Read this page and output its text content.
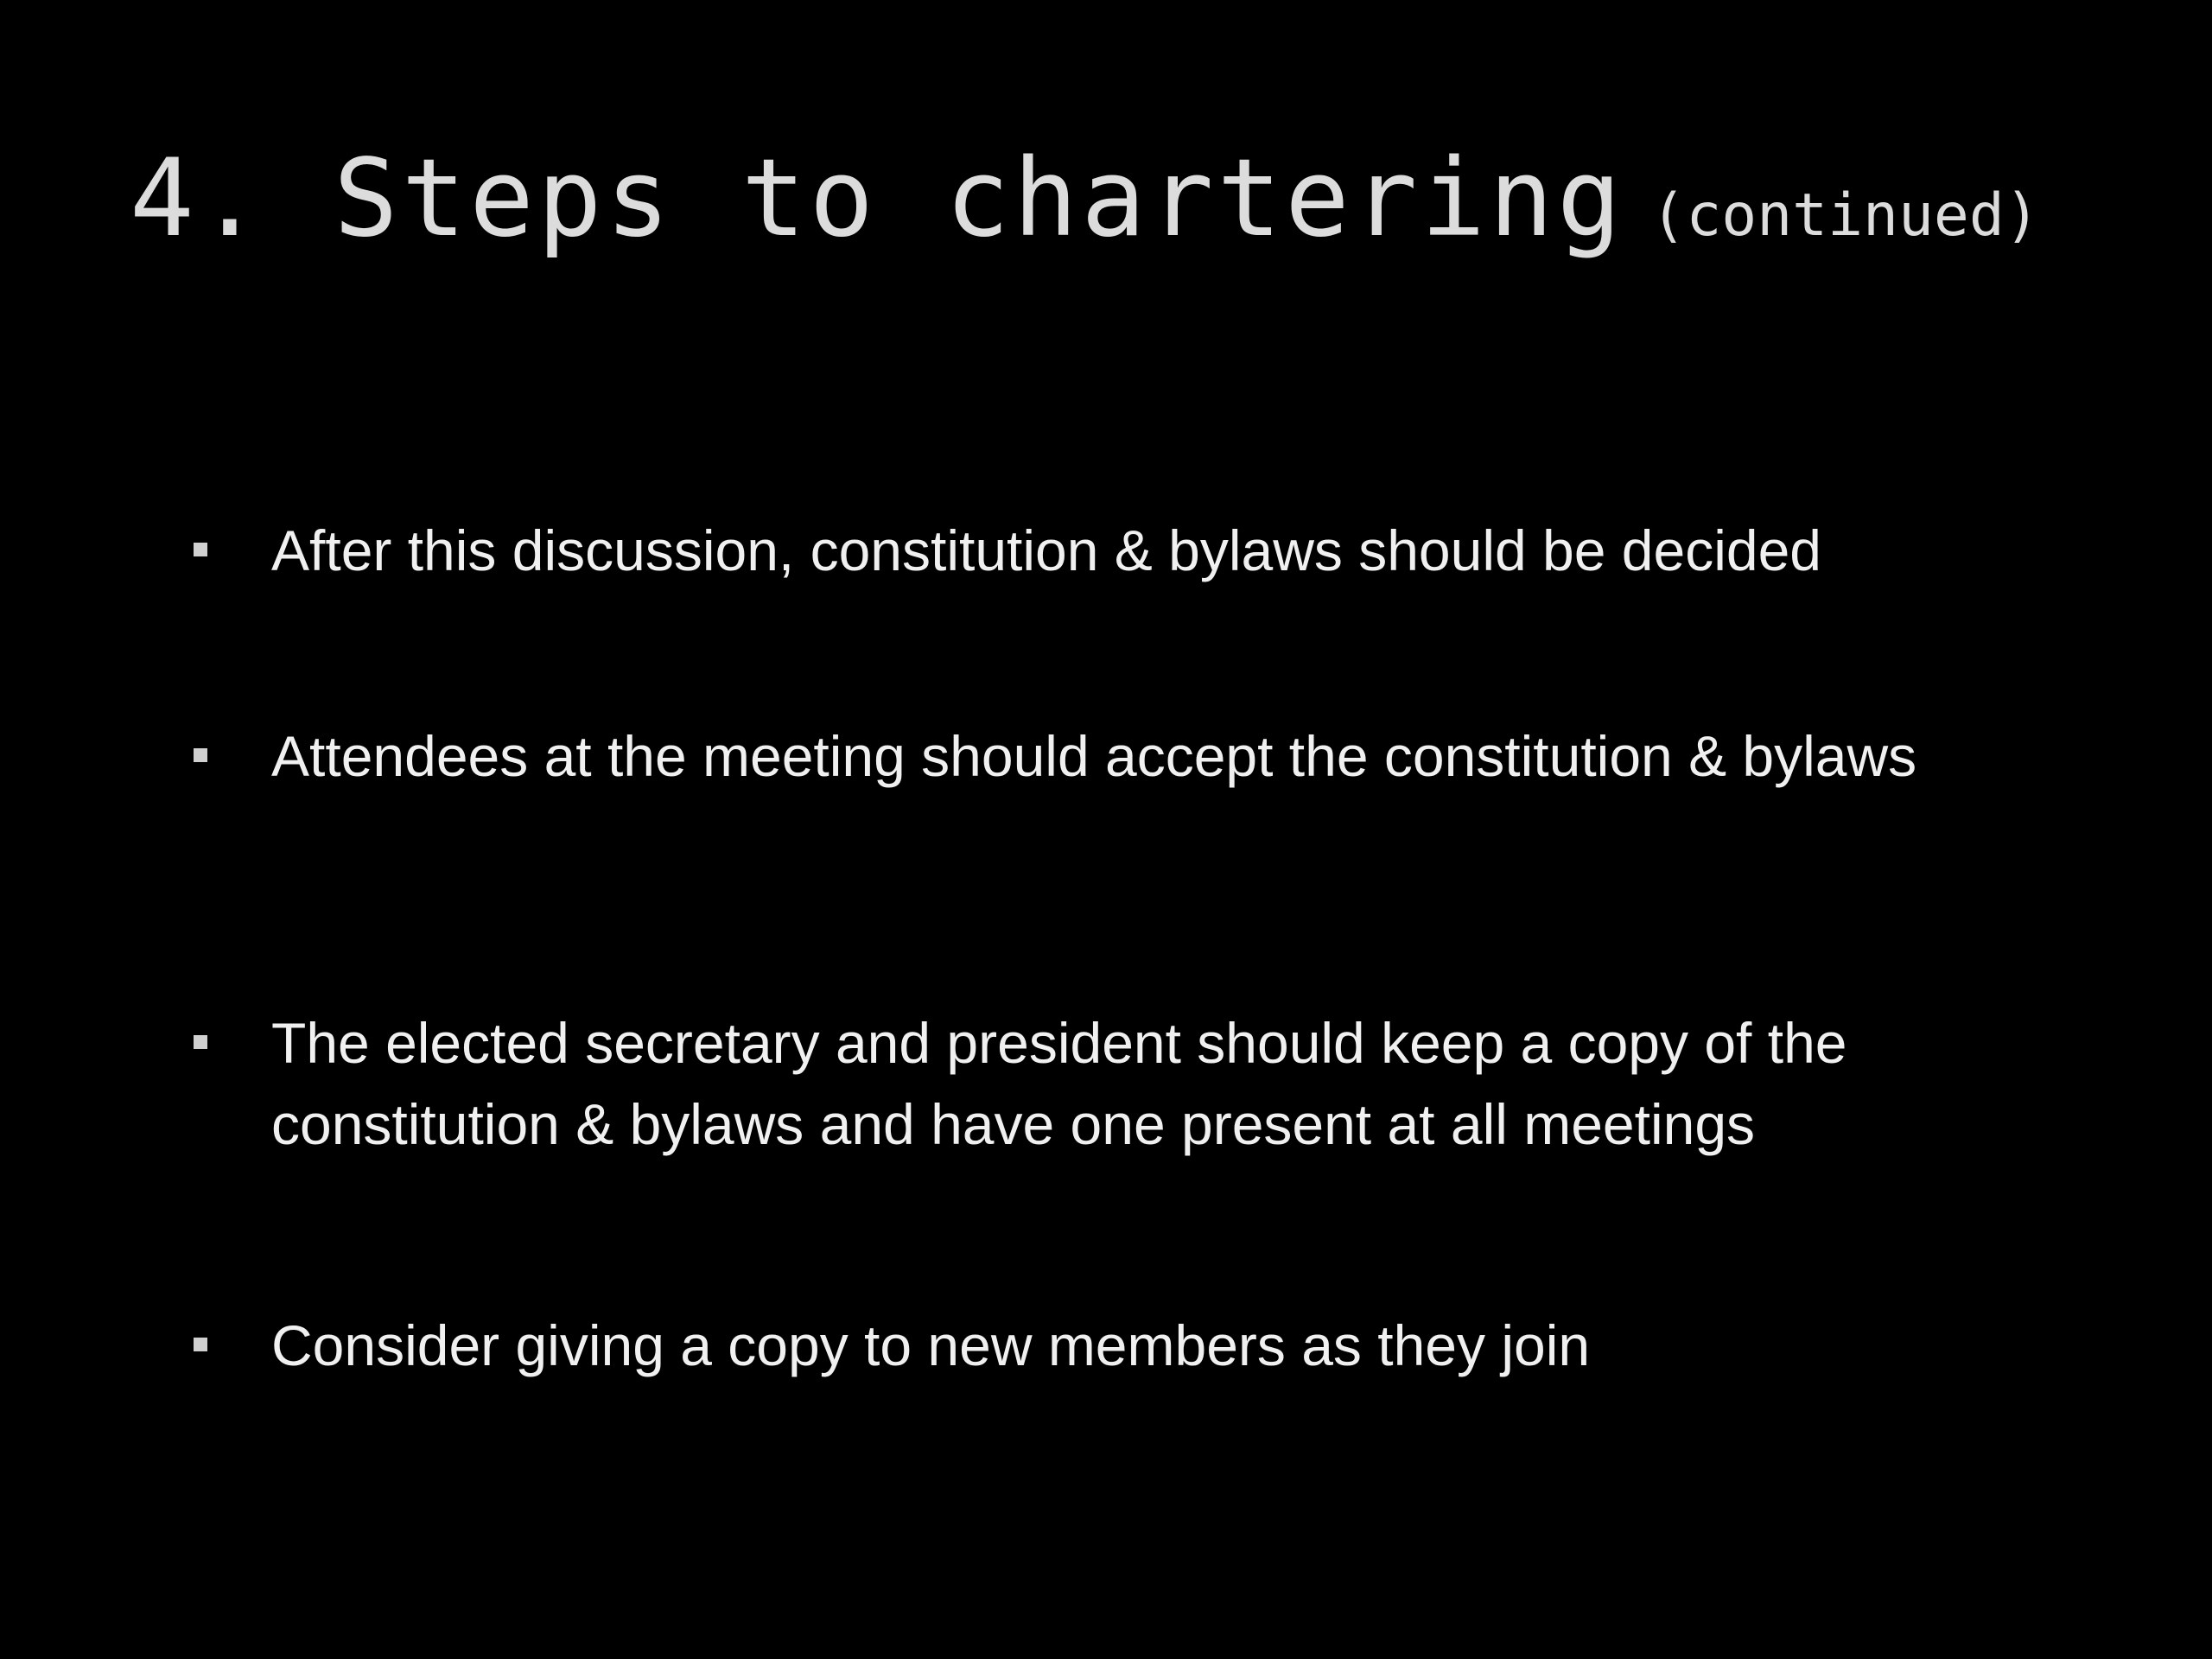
4. Steps to chartering (continued)
After this discussion, constitution & bylaws should be decided
Attendees at the meeting should accept the constitution & bylaws
The elected secretary and president should keep a copy of the constitution & bylaws and have one present at all meetings
Consider giving a copy to new members as they join
